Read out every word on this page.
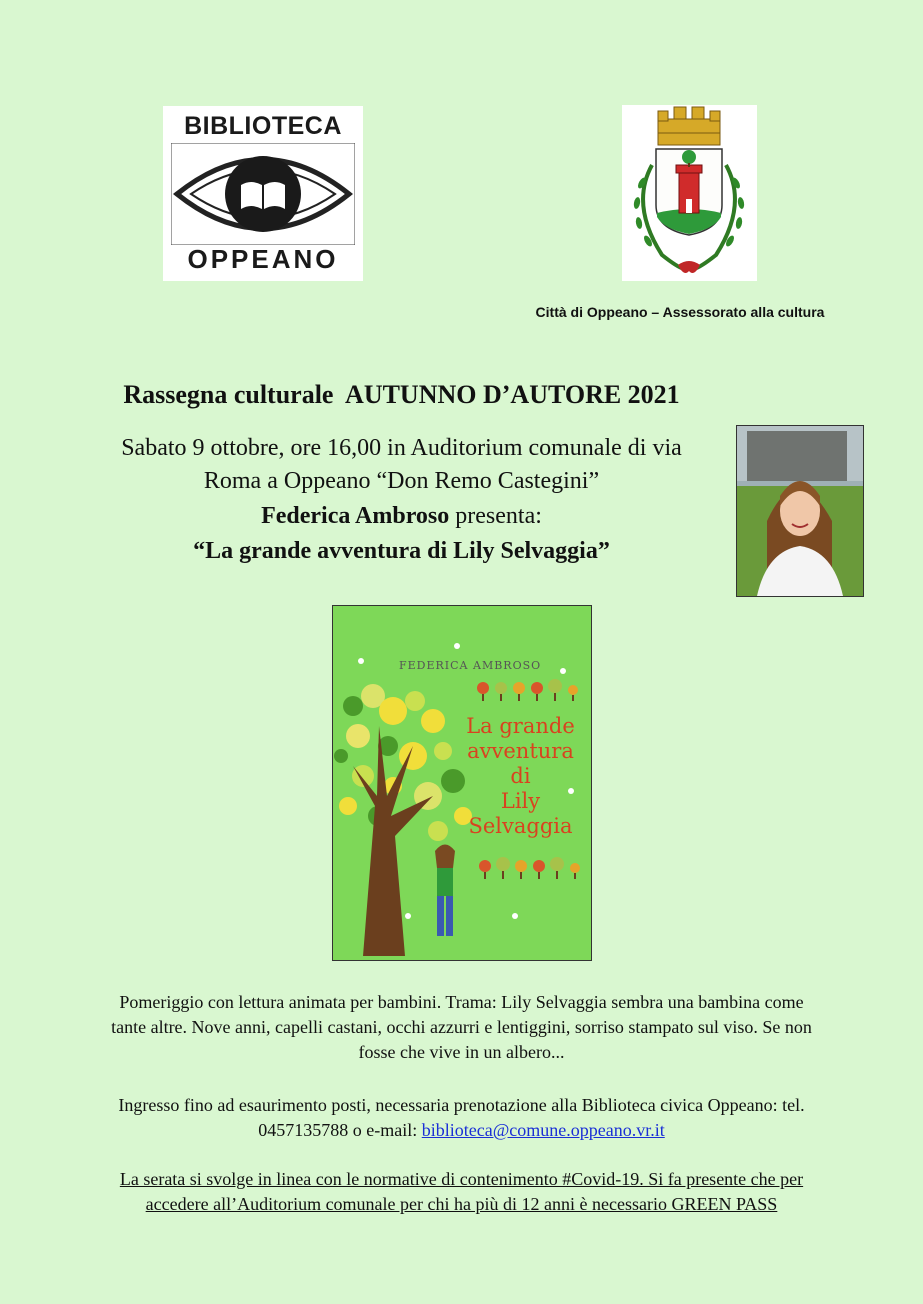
BIBLIOTECA
OPPEANO
Città di Oppeano – Assessorato alla cultura
Rassegna culturale  AUTUNNO D’AUTORE 2021
Sabato 9 ottobre, ore 16,00 in Auditorium comunale di via
Roma a Oppeano “Don Remo Castegini”
Federica Ambroso presenta:
“La grande avventura di Lily Selvaggia”
FEDERICA AMBROSO
La grande
avventura
di
Lily
Selvaggia
Pomeriggio con lettura animata per bambini. Trama: Lily Selvaggia sembra una bambina come
tante altre. Nove anni, capelli castani, occhi azzurri e lentiggini, sorriso stampato sul viso. Se non
fosse che vive in un albero...
Ingresso fino ad esaurimento posti, necessaria prenotazione alla Biblioteca civica Oppeano: tel.
0457135788 o e-mail: biblioteca@comune.oppeano.vr.it
La serata si svolge in linea con le normative di contenimento #Covid-19. Si fa presente che per
accedere all’Auditorium comunale per chi ha più di 12 anni è necessario GREEN PASS
